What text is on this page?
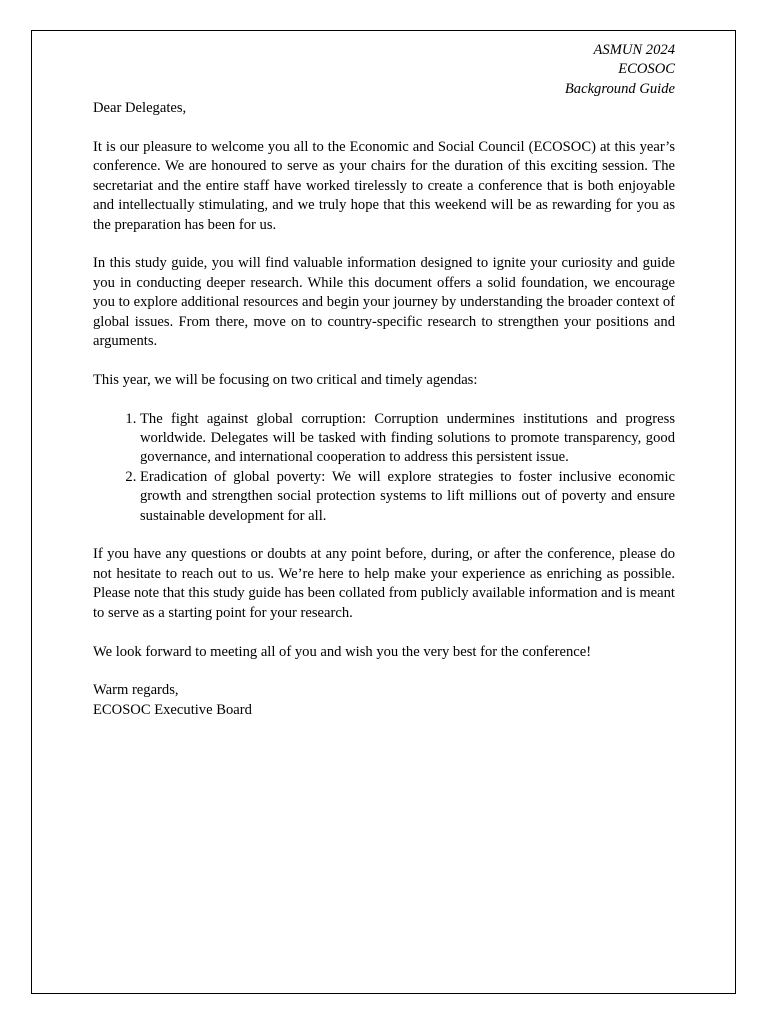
ASMUN 2024
ECOSOC
Background Guide

Dear Delegates,

It is our pleasure to welcome you all to the Economic and Social Council (ECOSOC) at this year’s conference. We are honoured to serve as your chairs for the duration of this exciting session. The secretariat and the entire staff have worked tirelessly to create a conference that is both enjoyable and intellectually stimulating, and we truly hope that this weekend will be as rewarding for you as the preparation has been for us.

In this study guide, you will find valuable information designed to ignite your curiosity and guide you in conducting deeper research. While this document offers a solid foundation, we encourage you to explore additional resources and begin your journey by understanding the broader context of global issues. From there, move on to country-specific research to strengthen your positions and arguments.

This year, we will be focusing on two critical and timely agendas:

1. The fight against global corruption: Corruption undermines institutions and progress worldwide. Delegates will be tasked with finding solutions to promote transparency, good governance, and international cooperation to address this persistent issue.
2. Eradication of global poverty: We will explore strategies to foster inclusive economic growth and strengthen social protection systems to lift millions out of poverty and ensure sustainable development for all.

If you have any questions or doubts at any point before, during, or after the conference, please do not hesitate to reach out to us. We’re here to help make your experience as enriching as possible. Please note that this study guide has been collated from publicly available information and is meant to serve as a starting point for your research.

We look forward to meeting all of you and wish you the very best for the conference!

Warm regards,
ECOSOC Executive Board
